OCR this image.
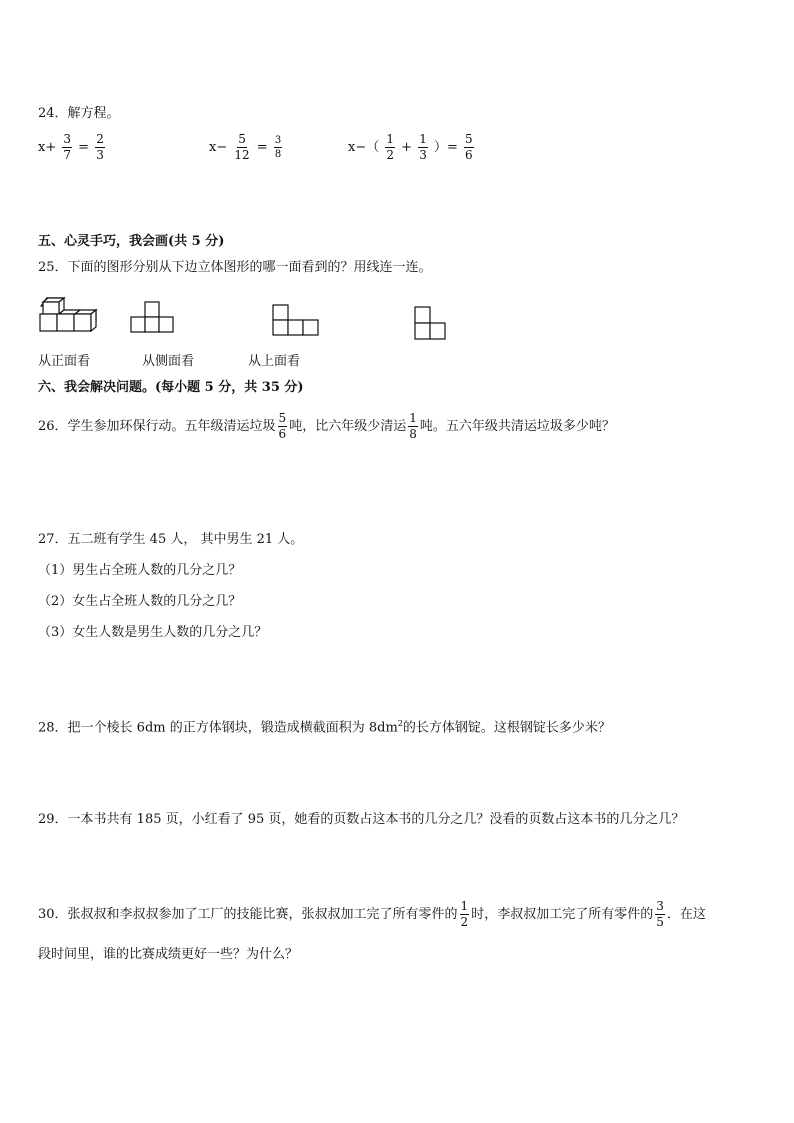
24．解方程。
$x+ \frac{3}{7} = \frac{2}{3}$	$x- \frac{5}{12} = \frac{3}{8}$	$x-( \frac{1}{2} + \frac{1}{3}$ ）= $\frac{5}{6}$
五、心灵手巧，我会画(共 5 分)
25．下面的图形分别从下边立体图形的哪一面看到的？用线连一连。
从正面看	从侧面看	从上面看
六、我会解决问题。(每小题 5 分，共 35 分)
26．学生参加环保行动。五年级清运垃圾 $\frac{5}{6}$ 吨，比六年级少清运 $\frac{1}{8}$ 吨。五六年级共清运垃圾多少吨？
27．五二班有学生 45 人， 其中男生 21 人。
（1）男生占全班人数的几分之几？
（2）女生占全班人数的几分之几？
（3）女生人数是男生人数的几分之几？
28．把一个棱长 6dm 的正方体钢块，锻造成横截面积为 $8dm^2$的长方体钢锭。这根钢锭长多少米？
29．一本书共有 185 页，小红看了 95 页，她看的页数占这本书的几分之几？没看的页数占这本书的几分之几？
30．张叔叔和李叔叔参加了工厂的技能比赛，张叔叔加工完了所有零件的 $\frac{1}{2}$ 时，李叔叔加工完了所有零件的 $\frac{3}{5}$ ．在这
段时间里，谁的比赛成绩更好一些？为什么？
